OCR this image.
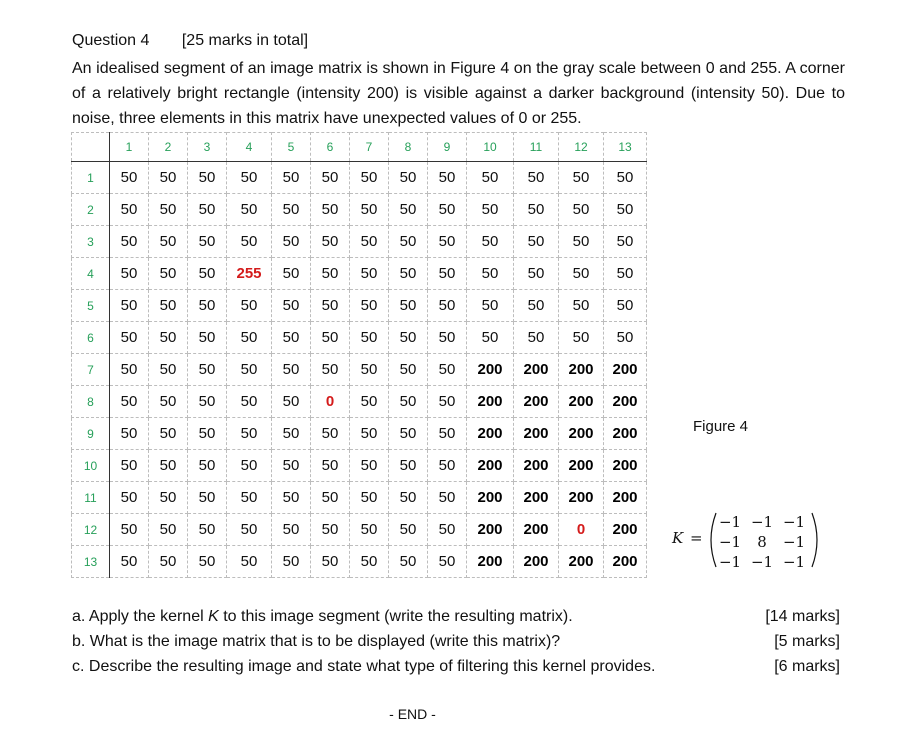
Question 4 [25 marks in total]
An idealised segment of an image matrix is shown in Figure 4 on the gray scale between 0 and 255. A corner of a relatively bright rectangle (intensity 200) is visible against a darker background (intensity 50). Due to noise, three elements in this matrix have unexpected values of 0 or 255.
	1	2	3	4	5	6	7	8	9	10	11	12	13
1	50	50	50	50	50	50	50	50	50	50	50	50	50
2	50	50	50	50	50	50	50	50	50	50	50	50	50
3	50	50	50	50	50	50	50	50	50	50	50	50	50
4	50	50	50	255	50	50	50	50	50	50	50	50	50
5	50	50	50	50	50	50	50	50	50	50	50	50	50
6	50	50	50	50	50	50	50	50	50	50	50	50	50
7	50	50	50	50	50	50	50	50	50	200	200	200	200
8	50	50	50	50	50	0	50	50	50	200	200	200	200
9	50	50	50	50	50	50	50	50	50	200	200	200	200
10	50	50	50	50	50	50	50	50	50	200	200	200	200
11	50	50	50	50	50	50	50	50	50	200	200	200	200
12	50	50	50	50	50	50	50	50	50	200	200	0	200
13	50	50	50	50	50	50	50	50	50	200	200	200	200
Figure 4
K =
−1 −1 −1
−1	8	−1
−1 −1 −1
a. Apply the kernel K to this image segment (write the resulting matrix).	[14 marks]
b. What is the image matrix that is to be displayed (write this matrix)?	[5 marks]
c. Describe the resulting image and state what type of filtering this kernel provides.	[6 marks]
- END -
